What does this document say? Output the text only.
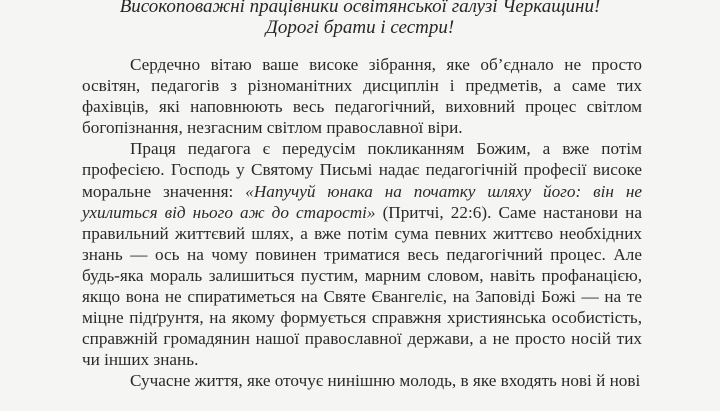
Високоповажні працівники освітянської галузі Черкащини!

Дорогі брати і сестри!

Сердечно вітаю ваше високе зібрання, яке об’єднало не просто освітян, педагогів з різноманітних дисциплін і предметів, а саме тих фахівців, які наповнюють весь педагогічний, виховний процес світлом богопізнання, незгасним світлом православної віри.

Праця педагога є передусім покликанням Божим, а вже потім професією. Господь у Святому Письмі надає педагогічній професії високе моральне значення: «Напучуй юнака на початку шляху його: він не ухилиться від нього аж до старості» (Притчі, 22:6). Саме настанови на правильний життєвий шлях, а вже потім сума певних життєво необхідних знань — ось на чому повинен триматися весь педагогічний процес. Але будь-яка мораль залишиться пустим, марним словом, навіть профанацією, якщо вона не спиратиметься на Святе Євангеліє, на Заповіді Божі — на те міцне підґрунтя, на якому формується справжня християнська особистість, справжній громадянин нашої православної держави, а не просто носій тих чи інших знань.

Сучасне життя, яке оточує нинішню молодь, в яке входять нові й нові
